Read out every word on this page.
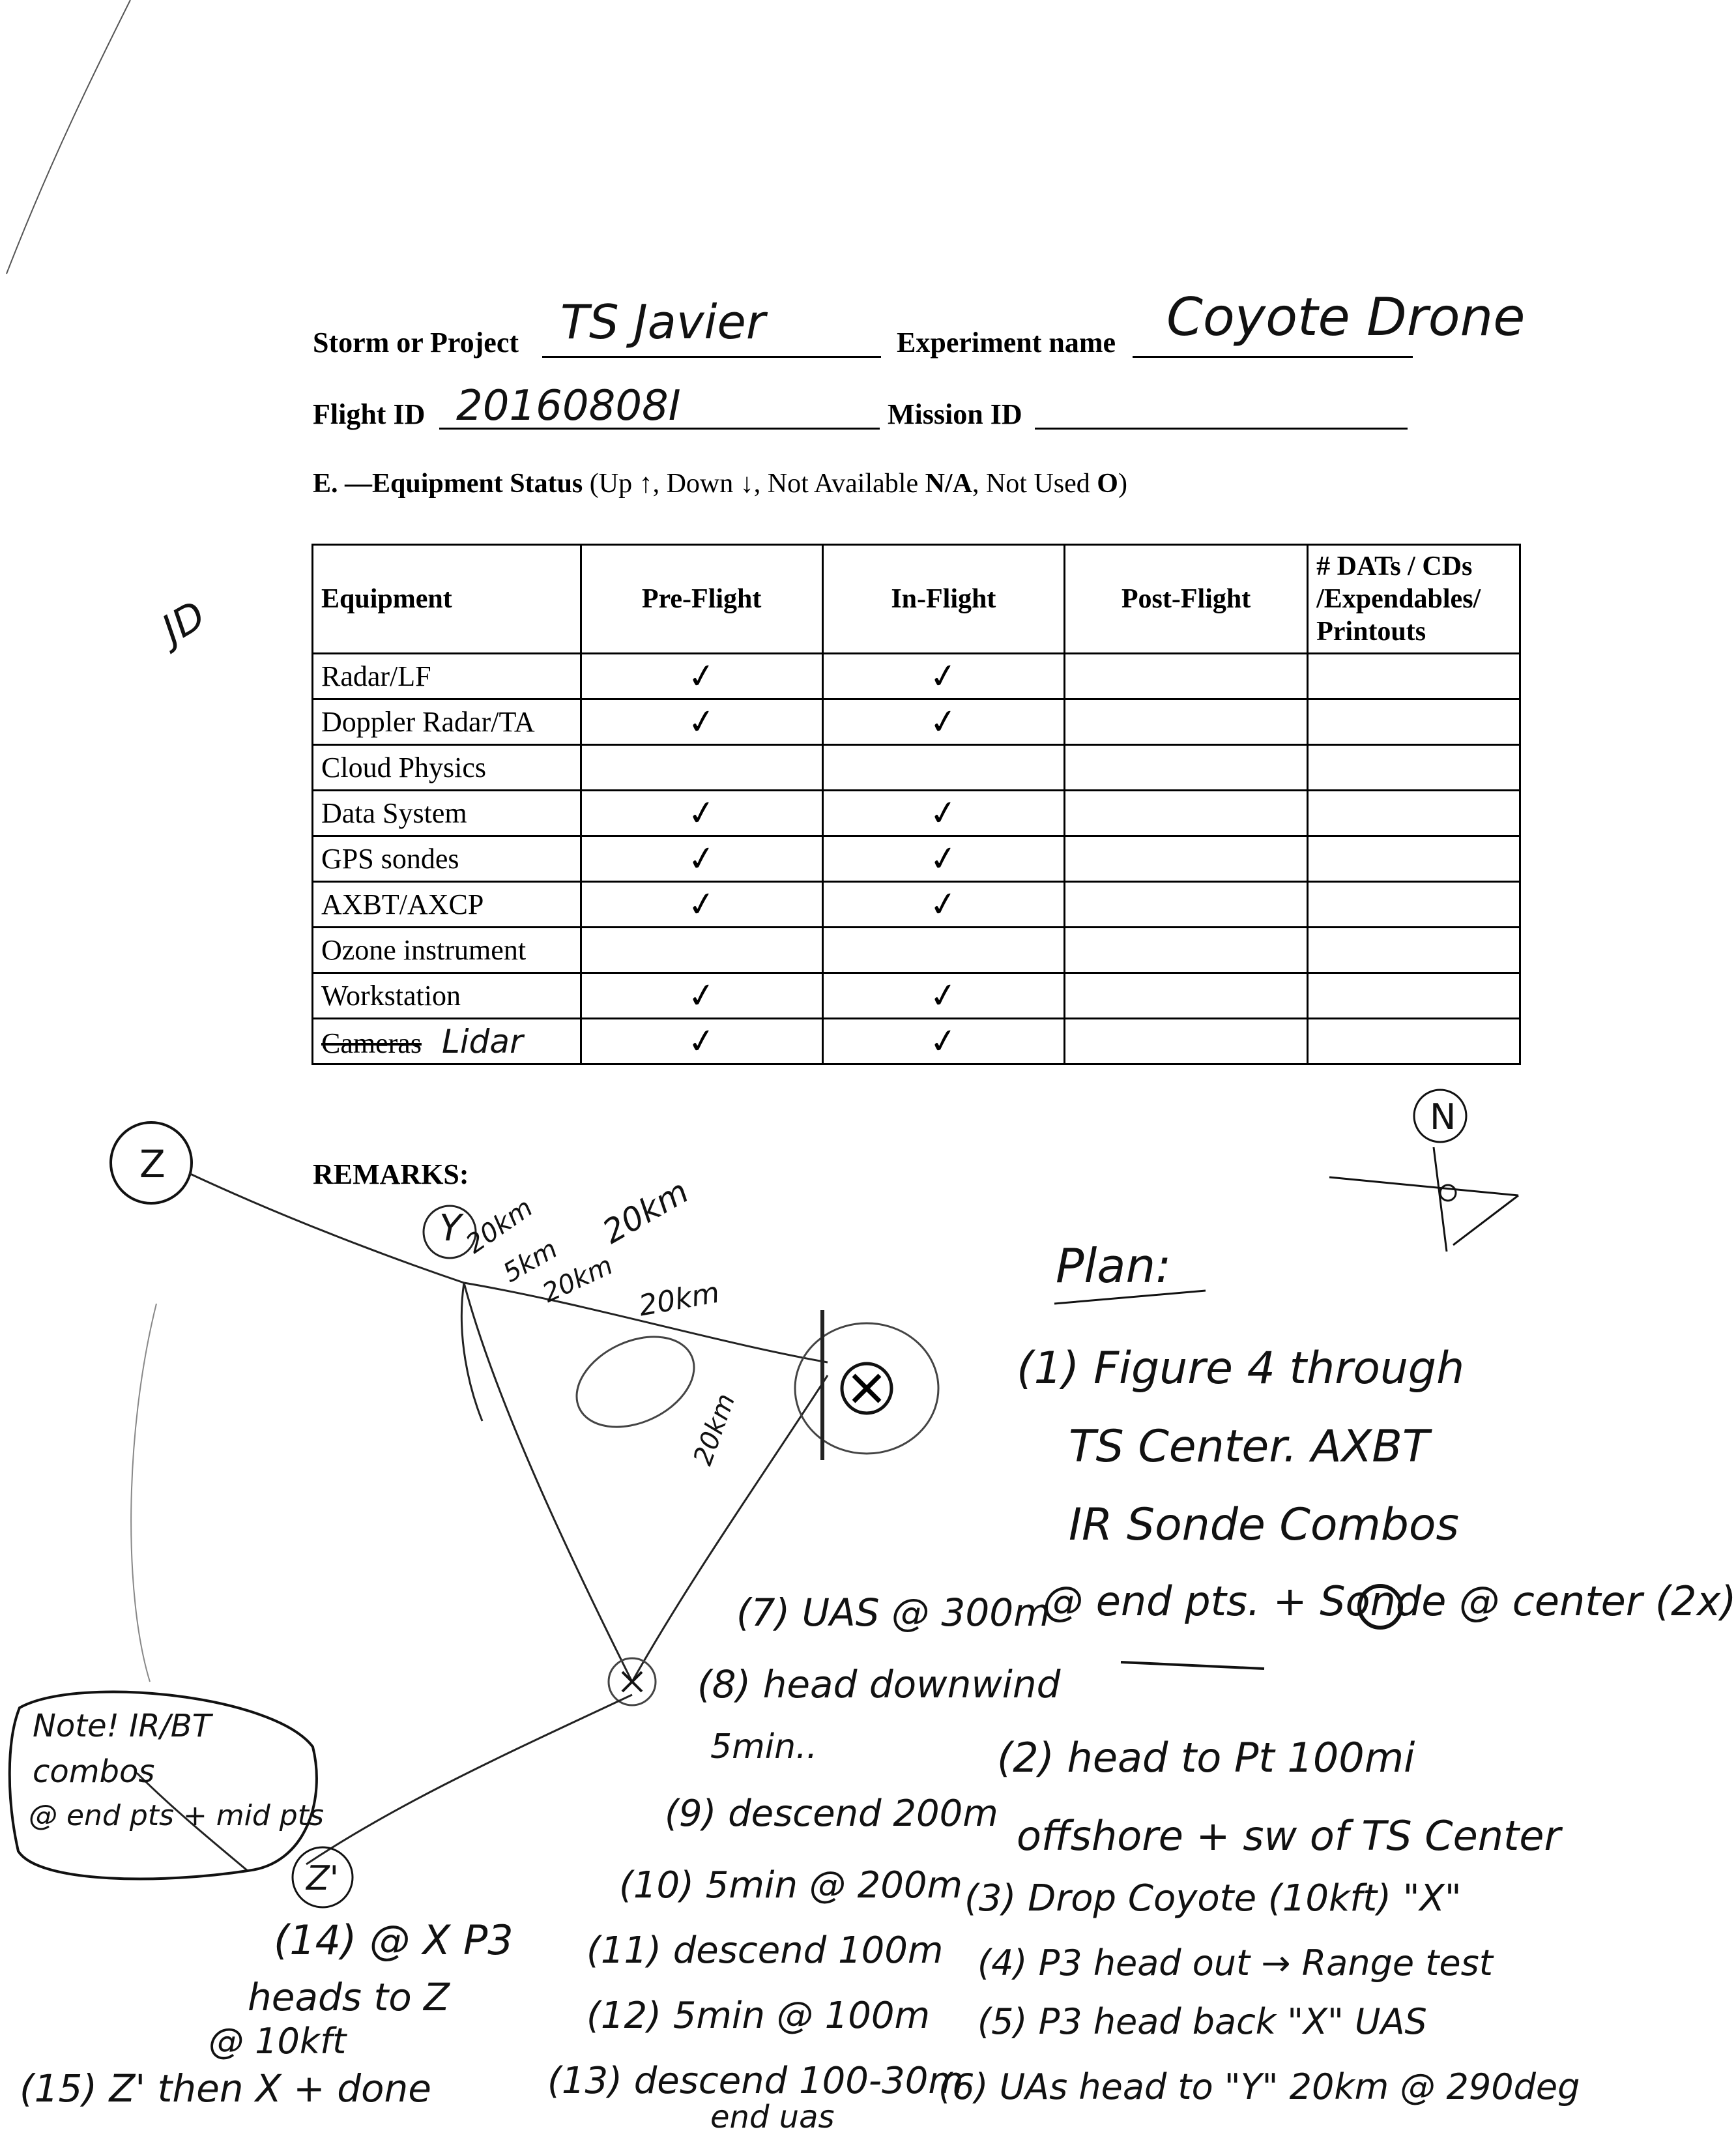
Storm or Project TS Javier	Experiment name Coyote Drone
Flight ID 20160808I	Mission ID
E. —Equipment Status (Up ↑, Down ↓, Not Available N/A, Not Used O)
JD	Equipment	Pre-Flight	In-Flight	Post-Flight	# DATs / CDs /Expendables/ Printouts
Radar/LF	✓	✓		
Doppler Radar/TA	✓	✓		
Cloud Physics				
Data System	✓	✓		
GPS sondes	✓	✓		
AXBT/AXCP	✓	✓		
Ozone instrument				
Workstation	✓	✓		
Cameras Lidar	✓	✓		
REMARKS:
Z
Y
Z'
N
20km
5km
20km
20km 20km
20km
Note! IR/BT
combos
@ end pts + mid pts
Plan:
(1) Figure 4 through
TS Center. AXBT
IR Sonde Combos
@ end pts. + Sonde @ center (2x)
(2) head to Pt 100mi
offshore + sw of TS Center
(3) Drop Coyote (10kft) "X"
(4) P3 head out → Range test
(5) P3 head back "X" UAS
(6) UAs head to "Y" 20km @ 290deg
(7) UAS @ 300m
(8) head downwind
5min..
(9) descend 200m
(10) 5min @ 200m
(11) descend 100m
(12) 5min @ 100m
(13) descend 100-30m
end uas
(14) @ X P3
heads to Z
@ 10kft
(15) Z' then X + done
